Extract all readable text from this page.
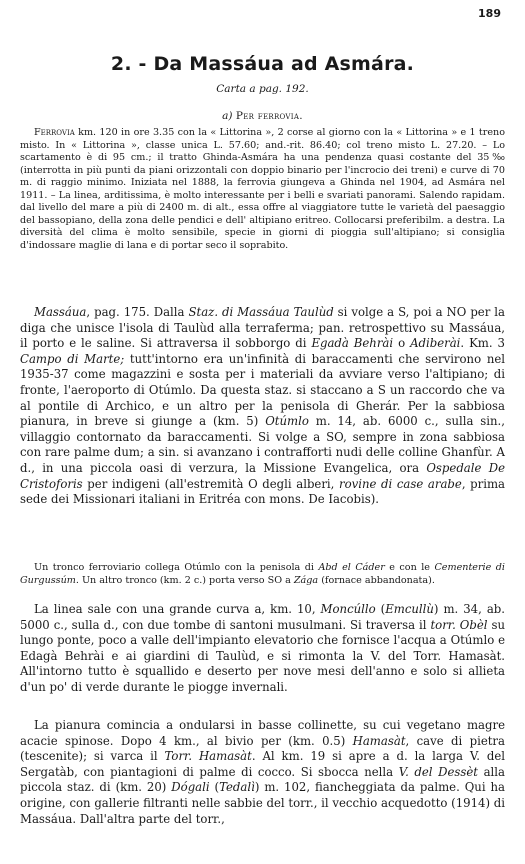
189
2. - Da Massáua ad Asmára.
Carta a pag. 192.
a) Per ferrovia.

Ferrovia km. 120 in ore 3.35 con la « Littorina », 2 corse al giorno con la « Littorina » e 1 treno misto. In « Littorina », classe unica L. 57.60; and.-rit. 86.40; col treno misto L. 27.20. – Lo scartamento è di 95 cm.; il tratto Ghinda-Asmára ha una pendenza quasi costante del 35‰ (interrotta in più punti da piani orizzontali con doppio binario per l'incrocio dei treni) e curve di 70 m. di raggio minimo. Iniziata nel 1888, la ferrovia giungeva a Ghinda nel 1904, ad Asmára nel 1911. – La linea, arditissima, è molto interessante per i belli e svariati panorami. Salendo rapidam. dal livello del mare a più di 2400 m. di alt., essa offre al viaggiatore tutte le varietà del paesaggio del bassopiano, della zona delle pendici e dell' altipiano eritreo. Collocarsi preferibilm. a destra. La diversità del clima è molto sensibile, specie in giorni di pioggia sull'altipiano; si consiglia d'indossare maglie di lana e di portar seco il soprabito.

Massáua, pag. 175. Dalla Staz. di Massáua Taulùd si volge a S, poi a NO per la diga che unisce l'isola di Taulùd alla terraferma; pan. retrospettivo su Massáua, il porto e le saline. Si attraversa il sobborgo di Egadà Behrài o Adiberài. Km. 3 Campo di Marte; tutt'intorno era un'infinità di baraccamenti che servirono nel 1935-37 come magazzini e sosta per i materiali da avviare verso l'altipiano; di fronte, l'aeroporto di Otúmlo. Da questa staz. si staccano a S un raccordo che va al pontile di Archico, e un altro per la penisola di Gherár. Per la sabbiosa pianura, in breve si giunge a (km. 5) Otúmlo m. 14, ab. 6000 c., sulla sin., villaggio contornato da baraccamenti. Si volge a SO, sempre in zona sabbiosa con rare palme dum; a sin. si avanzano i contrafforti nudi delle colline Ghanfùr. A d., in una piccola oasi di verzura, la Missione Evangelica, ora Ospedale De Cristoforis per indigeni (all'estremità O degli alberi, rovine di case arabe, prima sede dei Missionari italiani in Eritréa con mons. De Iacobis).

Un tronco ferroviario collega Otúmlo con la penisola di Abd el Cáder e con le Cementerie di Gurgussúm. Un altro tronco (km. 2 c.) porta verso SO a Zága (fornace abbandonata).

La linea sale con una grande curva a, km. 10, Moncúllo (Emcullù) m. 34, ab. 5000 c., sulla d., con due tombe di santoni musulmani. Si traversa il torr. Obèl su lungo ponte, poco a valle dell'impianto elevatorio che fornisce l'acqua a Otúmlo e Edagà Behrài e ai giardini di Taulùd, e si rimonta la V. del Torr. Hamasàt. All'intorno tutto è squallido e deserto per nove mesi dell'anno e solo si allieta d'un po' di verde durante le piogge invernali.

La pianura comincia a ondularsi in basse collinette, su cui vegetano magre acacie spinose. Dopo 4 km., al bivio per (km. 0.5) Hamasàt, cave di pietra (tescenite); si varca il Torr. Hamasàt. Al km. 19 si apre a d. la larga V. del Sergatàb, con piantagioni di palme di cocco. Si sbocca nella V. del Dessèt alla piccola staz. di (km. 20) Dógali (Tedalì) m. 102, fiancheggiata da palme. Qui ha origine, con gallerie filtranti nelle sabbie del torr., il vecchio acquedotto (1914) di Massáua. Dall'altra parte del torr.,
